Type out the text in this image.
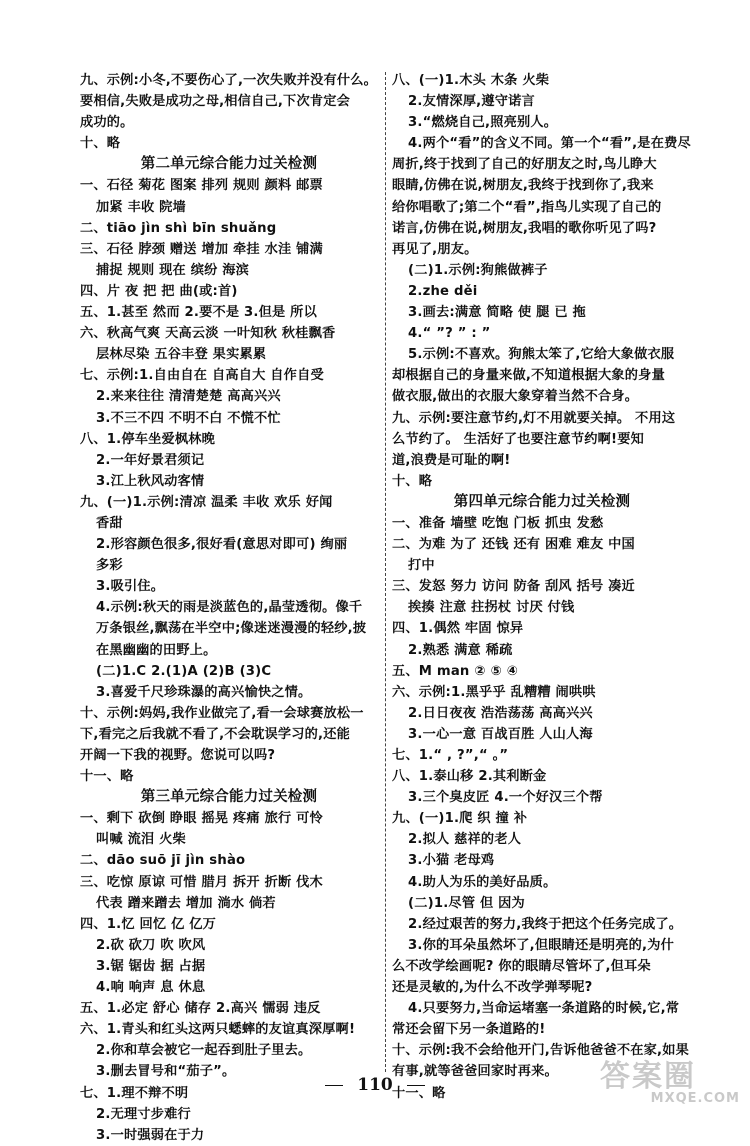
九、示例:小冬,不要伤心了,一次失败并没有什么。
要相信,失败是成功之母,相信自己,下次肯定会
成功的。
十、略
第二单元综合能力过关检测
一、石径 菊花 图案 排列 规则 颜料 邮票
加紧 丰收 院墙
二、tiāo jìn shì bīn shuǎng
三、石径 脖颈 赠送 增加 牵挂 水洼 铺满
捕捉 规则 现在 缤纷 海滨
四、片 夜 把 把 曲(或:首)
五、1.甚至 然而 2.要不是 3.但是 所以
六、秋高气爽 天高云淡 一叶知秋 秋桂飘香
层林尽染 五谷丰登 果实累累
七、示例:1.自由自在 自高自大 自作自受
2.来来往往 清清楚楚 高高兴兴
3.不三不四 不明不白 不慌不忙
八、1.停车坐爱枫林晚
2.一年好景君须记
3.江上秋风动客情
九、(一)1.示例:清凉 温柔 丰收 欢乐 好闻
香甜
2.形容颜色很多,很好看(意思对即可) 绚丽
多彩
3.吸引住。
4.示例:秋天的雨是淡蓝色的,晶莹透彻。像千
万条银丝,飘荡在半空中;像迷迷漫漫的轻纱,披
在黑幽幽的田野上。
(二)1.C 2.(1)A (2)B (3)C
3.喜爱千尺珍珠瀑的高兴愉快之情。
十、示例:妈妈,我作业做完了,看一会球赛放松一
下,看完之后我就不看了,不会耽误学习的,还能
开阔一下我的视野。您说可以吗?
十一、略
第三单元综合能力过关检测
一、剩下 砍倒 睁眼 摇晃 疼痛 旅行 可怜
叫喊 流泪 火柴
二、dāo suō jī jìn shào
三、吃惊 原谅 可惜 腊月 拆开 折断 伐木
代表 蹭来蹭去 增加 淌水 倘若
四、1.忆 回忆 亿 亿万
2.砍 砍刀 吹 吹风
3.锯 锯齿 据 占据
4.响 响声 息 休息
五、1.必定 舒心 储存 2.高兴 懦弱 违反
六、1.青头和红头这两只蟋蟀的友谊真深厚啊!
2.你和草会被它一起吞到肚子里去。
3.删去冒号和“茄子”。
七、1.理不辩不明
2.无理寸步难行
3.一时强弱在于力
八、(一)1.木头 木条 火柴
2.友情深厚,遵守诺言
3.“燃烧自己,照亮别人。
4.两个“看”的含义不同。第一个“看”,是在费尽
周折,终于找到了自己的好朋友之时,鸟儿睁大
眼睛,仿佛在说,树朋友,我终于找到你了,我来
给你唱歌了;第二个“看”,指鸟儿实现了自己的
诺言,仿佛在说,树朋友,我唱的歌你听见了吗?
再见了,朋友。
(二)1.示例:狗熊做裤子
2.zhe děi
3.画去:满意 简略 使 腿 已 拖
4.“ ”? ” : ”
5.示例:不喜欢。狗熊太笨了,它给大象做衣服
却根据自己的身量来做,不知道根据大象的身量
做衣服,做出的衣服大象穿着当然不合身。
九、示例:要注意节约,灯不用就要关掉。 不用这
么节约了。 生活好了也要注意节约啊!要知
道,浪费是可耻的啊!
十、略
第四单元综合能力过关检测
一、准备 墙壁 吃饱 门板 抓虫 发愁
二、为难 为了 还钱 还有 困难 难友 中国
打中
三、发怒 努力 访问 防备 刮风 括号 凑近
挨揍 注意 拄拐杖 讨厌 付钱
四、1.偶然 牢固 惊异
2.熟悉 满意 稀疏
五、M man ② ⑤ ④
六、示例:1.黑乎乎 乱糟糟 闹哄哄
2.日日夜夜 浩浩荡荡 高高兴兴
3.一心一意 百战百胜 人山人海
七、1.“ , ?”,“ 。”
八、1.泰山移 2.其利断金
3.三个臭皮匠 4.一个好汉三个帮
九、(一)1.爬 织 撞 补
2.拟人 慈祥的老人
3.小猫 老母鸡
4.助人为乐的美好品质。
(二)1.尽管 但 因为
2.经过艰苦的努力,我终于把这个任务完成了。
3.你的耳朵虽然坏了,但眼睛还是明亮的,为什
么不改学绘画呢? 你的眼睛尽管坏了,但耳朵
还是灵敏的,为什么不改学弹琴呢?
4.只要努力,当命运堵塞一条道路的时候,它,常
常还会留下另一条道路的!
十、示例:我不会给他开门,告诉他爸爸不在家,如果
有事,就等爸爸回家时再来。
十一、略
110	答案圈
MXQE.COM
